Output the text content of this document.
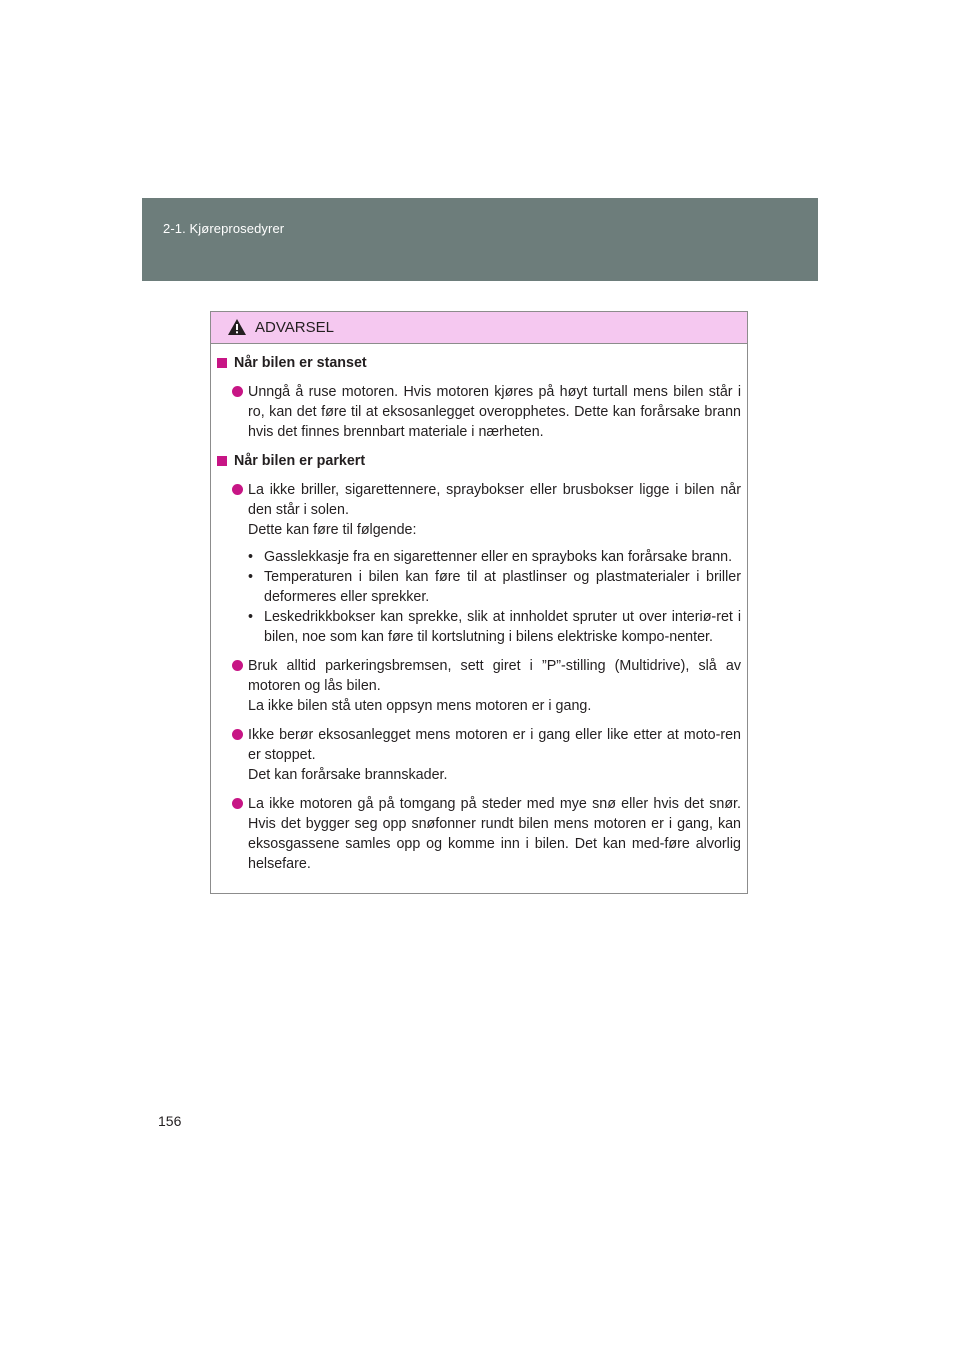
2-1. Kjøreprosedyrer
ADVARSEL
Når bilen er stanset

Unngå å ruse motoren. Hvis motoren kjøres på høyt turtall mens bilen står i ro, kan det føre til at eksosanlegget overopphetes. Dette kan forårsake brann hvis det finnes brennbart materiale i nærheten.

Når bilen er parkert

La ikke briller, sigarettennere, spraybokser eller brusbokser ligge i bilen når den står i solen.

Dette kan føre til følgende:

• Gasslekkasje fra en sigarettenner eller en sprayboks kan forårsake brann.
• Temperaturen i bilen kan føre til at plastlinser og plastmaterialer i briller deformeres eller sprekker.
• Leskedrikkbokser kan sprekke, slik at innholdet spruter ut over interiø-ret i bilen, noe som kan føre til kortslutning i bilens elektriske kompo-nenter.

Bruk alltid parkeringsbremsen, sett giret i ”P”-stilling (Multidrive), slå av motoren og lås bilen.

La ikke bilen stå uten oppsyn mens motoren er i gang.

Ikke berør eksosanlegget mens motoren er i gang eller like etter at moto-ren er stoppet.

Det kan forårsake brannskader.

La ikke motoren gå på tomgang på steder med mye snø eller hvis det snør. Hvis det bygger seg opp snøfonner rundt bilen mens motoren er i gang, kan eksosgassene samles opp og komme inn i bilen. Det kan med-føre alvorlig helsefare.

156
